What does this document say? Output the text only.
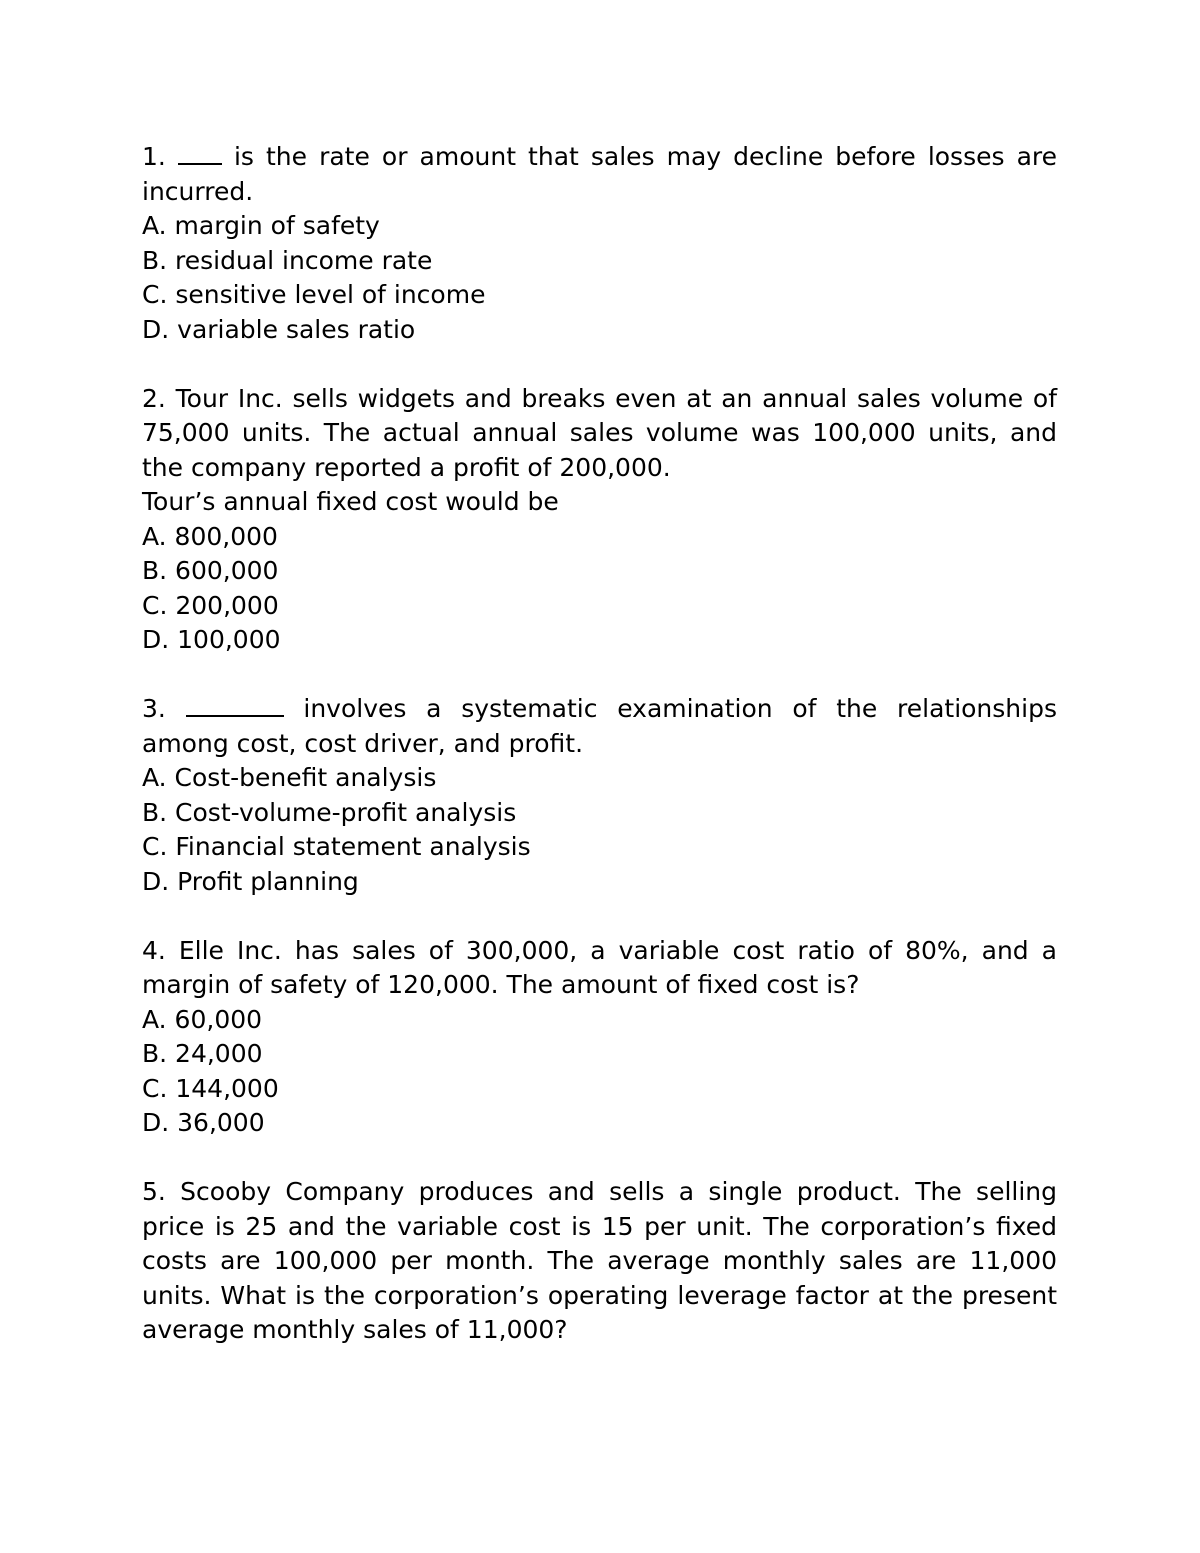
1.  is the rate or amount that sales may decline before losses are incurred.

A. margin of safety

B. residual income rate

C. sensitive level of income

D. variable sales ratio

2. Tour Inc. sells widgets and breaks even at an annual sales volume of 75,000 units. The actual annual sales volume was 100,000 units, and the company reported a profit of 200,000.

Tour’s annual fixed cost would be

A. 800,000

B. 600,000

C. 200,000

D. 100,000

3.	involves a systematic examination of the relationships among cost, cost driver, and profit.

A. Cost-benefit analysis

B. Cost-volume-profit analysis

C. Financial statement analysis

D. Profit planning

4. Elle Inc. has sales of 300,000, a variable cost ratio of 80%, and a margin of safety of 120,000. The amount of fixed cost is?

A. 60,000

B. 24,000

C. 144,000

D. 36,000

5. Scooby Company produces and sells a single product. The selling price is 25 and the variable cost is 15 per unit. The corporation’s fixed costs are 100,000 per month. The average monthly sales are 11,000 units. What is the corporation’s operating leverage factor at the present average monthly sales of 11,000?
